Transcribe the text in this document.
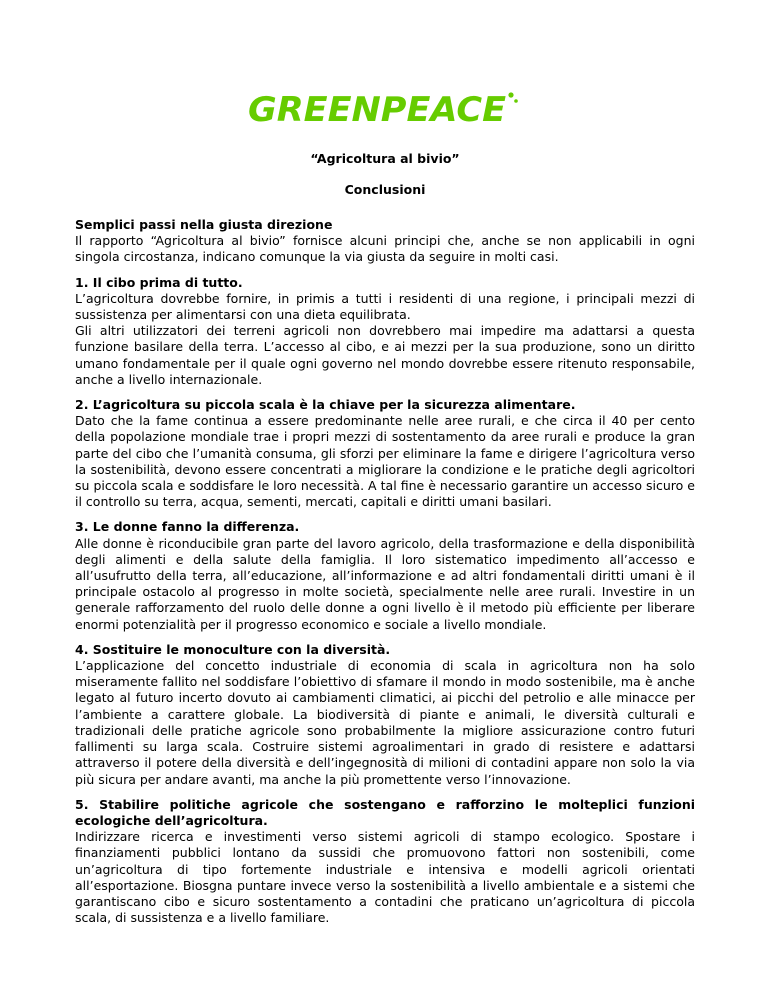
GREENPEACE
“Agricoltura al bivio”
Conclusioni
Semplici passi nella giusta direzione

Il rapporto “Agricoltura al bivio” fornisce alcuni principi che, anche se non applicabili in ogni singola circostanza, indicano comunque la via giusta da seguire in molti casi.

1. Il cibo prima di tutto.

L’agricoltura dovrebbe fornire, in primis a tutti i residenti di una regione, i principali mezzi di sussistenza per alimentarsi con una dieta equilibrata.

Gli altri utilizzatori dei terreni agricoli non dovrebbero mai impedire ma adattarsi a questa funzione basilare della terra. L’accesso al cibo, e ai mezzi per la sua produzione, sono un diritto umano fondamentale per il quale ogni governo nel mondo dovrebbe essere ritenuto responsabile, anche a livello internazionale.

2. L’agricoltura su piccola scala è la chiave per la sicurezza alimentare.

Dato che la fame continua a essere predominante nelle aree rurali, e che circa il 40 per cento della popolazione mondiale trae i propri mezzi di sostentamento da aree rurali e produce la gran parte del cibo che l’umanità consuma, gli sforzi per eliminare la fame e dirigere l’agricoltura verso la sostenibilità, devono essere concentrati a migliorare la condizione e le pratiche degli agricoltori su piccola scala e soddisfare le loro necessità. A tal fine è necessario garantire un accesso sicuro e il controllo su terra, acqua, sementi, mercati, capitali e diritti umani basilari.

3. Le donne fanno la differenza.

Alle donne è riconducibile gran parte del lavoro agricolo, della trasformazione e della disponibilità degli alimenti e della salute della famiglia. Il loro sistematico impedimento all’accesso e all’usufrutto della terra, all’educazione, all’informazione e ad altri fondamentali diritti umani è il principale ostacolo al progresso in molte società, specialmente nelle aree rurali. Investire in un generale rafforzamento del ruolo delle donne a ogni livello è il metodo più efficiente per liberare enormi potenzialità per il progresso economico e sociale a livello mondiale.

4. Sostituire le monoculture con la diversità.

L’applicazione del concetto industriale di economia di scala in agricoltura non ha solo miseramente fallito nel soddisfare l’obiettivo di sfamare il mondo in modo sostenibile, ma è anche legato al futuro incerto dovuto ai cambiamenti climatici, ai picchi del petrolio e alle minacce per l’ambiente a carattere globale. La biodiversità di piante e animali, le diversità culturali e tradizionali delle pratiche agricole sono probabilmente la migliore assicurazione contro futuri fallimenti su larga scala. Costruire sistemi agroalimentari in grado di resistere e adattarsi attraverso il potere della diversità e dell’ingegnosità di milioni di contadini appare non solo la via più sicura per andare avanti, ma anche la più promettente verso l’innovazione.

5. Stabilire politiche agricole che sostengano e rafforzino le molteplici funzioni ecologiche dell’agricoltura.

Indirizzare ricerca e investimenti verso sistemi agricoli di stampo ecologico. Spostare i finanziamenti pubblici lontano da sussidi che promuovono fattori non sostenibili, come un’agricoltura di tipo fortemente industriale e intensiva e modelli agricoli orientati all’esportazione. Biosgna puntare invece verso la sostenibilità a livello ambientale e a sistemi che garantiscano cibo e sicuro sostentamento a contadini che praticano un’agricoltura di piccola scala, di sussistenza e a livello familiare.
